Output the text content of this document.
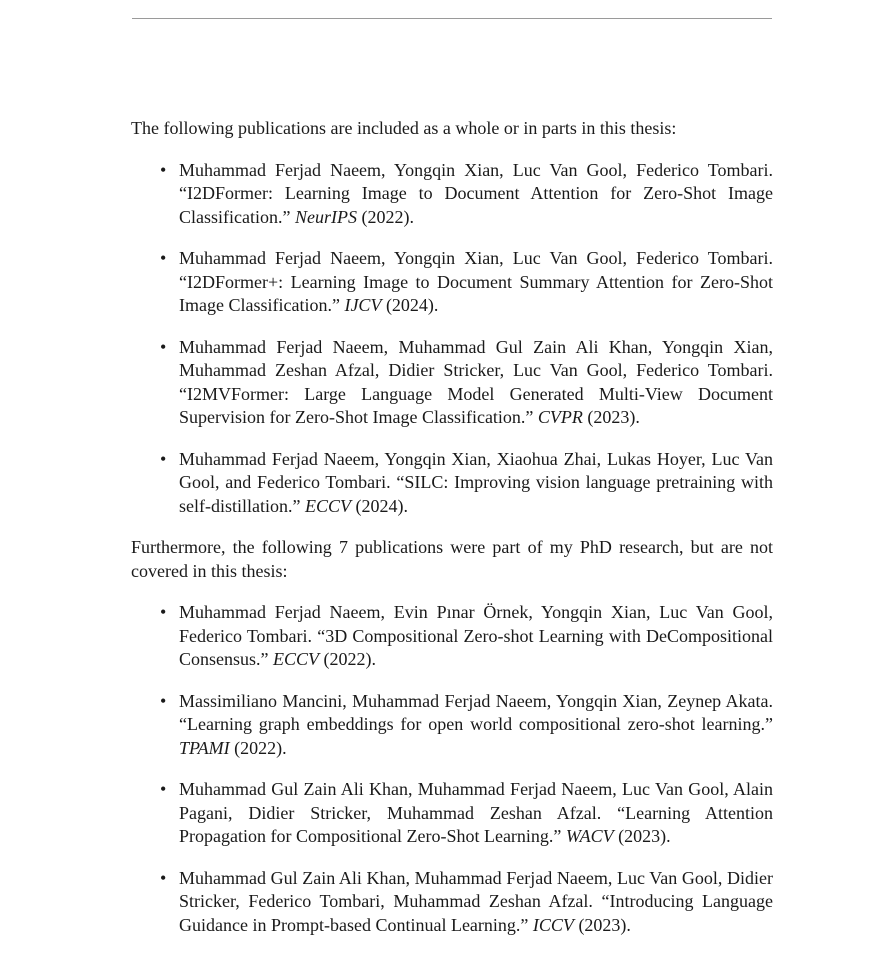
The following publications are included as a whole or in parts in this thesis:

• Muhammad Ferjad Naeem, Yongqin Xian, Luc Van Gool, Federico Tombari. “I2DFormer: Learning Image to Document Attention for Zero-Shot Image Classification.” NeurIPS (2022).
• Muhammad Ferjad Naeem, Yongqin Xian, Luc Van Gool, Federico Tombari. “I2DFormer+: Learning Image to Document Summary Attention for Zero-Shot Image Classification.” IJCV (2024).
• Muhammad Ferjad Naeem, Muhammad Gul Zain Ali Khan, Yongqin Xian, Muhammad Zeshan Afzal, Didier Stricker, Luc Van Gool, Federico Tombari. “I2MVFormer: Large Language Model Generated Multi-View Document Supervision for Zero-Shot Image Classification.” CVPR (2023).
• Muhammad Ferjad Naeem, Yongqin Xian, Xiaohua Zhai, Lukas Hoyer, Luc Van Gool, and Federico Tombari. “SILC: Improving vision language pretraining with self-distillation.” ECCV (2024).

Furthermore, the following 7 publications were part of my PhD research, but are not covered in this thesis:

• Muhammad Ferjad Naeem, Evin Pınar Örnek, Yongqin Xian, Luc Van Gool, Federico Tombari. “3D Compositional Zero-shot Learning with DeCompositional Consensus.” ECCV (2022).
• Massimiliano Mancini, Muhammad Ferjad Naeem, Yongqin Xian, Zeynep Akata. “Learning graph embeddings for open world compositional zero-shot learning.” TPAMI (2022).
• Muhammad Gul Zain Ali Khan, Muhammad Ferjad Naeem, Luc Van Gool, Alain Pagani, Didier Stricker, Muhammad Zeshan Afzal. “Learning Attention Propagation for Compositional Zero-Shot Learning.” WACV (2023).
• Muhammad Gul Zain Ali Khan, Muhammad Ferjad Naeem, Luc Van Gool, Didier Stricker, Federico Tombari, Muhammad Zeshan Afzal. “Introducing Language Guidance in Prompt-based Continual Learning.” ICCV (2023).
